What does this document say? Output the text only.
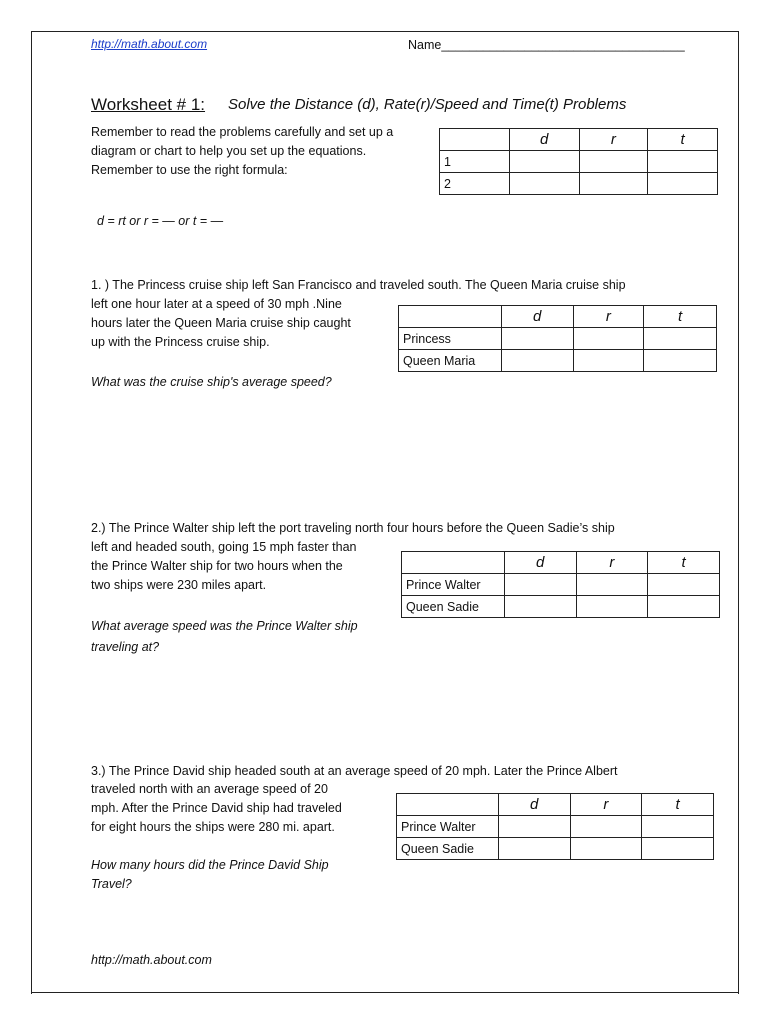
http://math.about.com	Name___________________________________
Worksheet # 1: Solve the Distance (d), Rate(r)/Speed and Time(t) Problems
Remember to read the problems carefully and set up a
diagram or chart to help you set up the equations.
Remember to use the right formula:
d = rt or r = — or t = —
	d	r	t
1			
2			
1. ) The Princess cruise ship left San Francisco and traveled south. The Queen Maria cruise ship
left one hour later at a speed of 30 mph .Nine
hours later the Queen Maria cruise ship caught
up with the Princess cruise ship.
What was the cruise ship's average speed?
	d	r	t
Princess			
Queen Maria			
2.) The Prince Walter ship left the port traveling north four hours before the Queen Sadie’s ship
left and headed south, going 15 mph faster than
the Prince Walter ship for two hours when the
two ships were 230 miles apart.
What average speed was the Prince Walter ship
traveling at?
	d	r	t
Prince Walter			
Queen Sadie			
3.) The Prince David ship headed south at an average speed of 20 mph. Later the Prince Albert
traveled north with an average speed of 20
mph. After the Prince David ship had traveled
for eight hours the ships were 280 mi. apart.
How many hours did the Prince David Ship
Travel?
	d	r	t
Prince Walter			
Queen Sadie			
http://math.about.com
